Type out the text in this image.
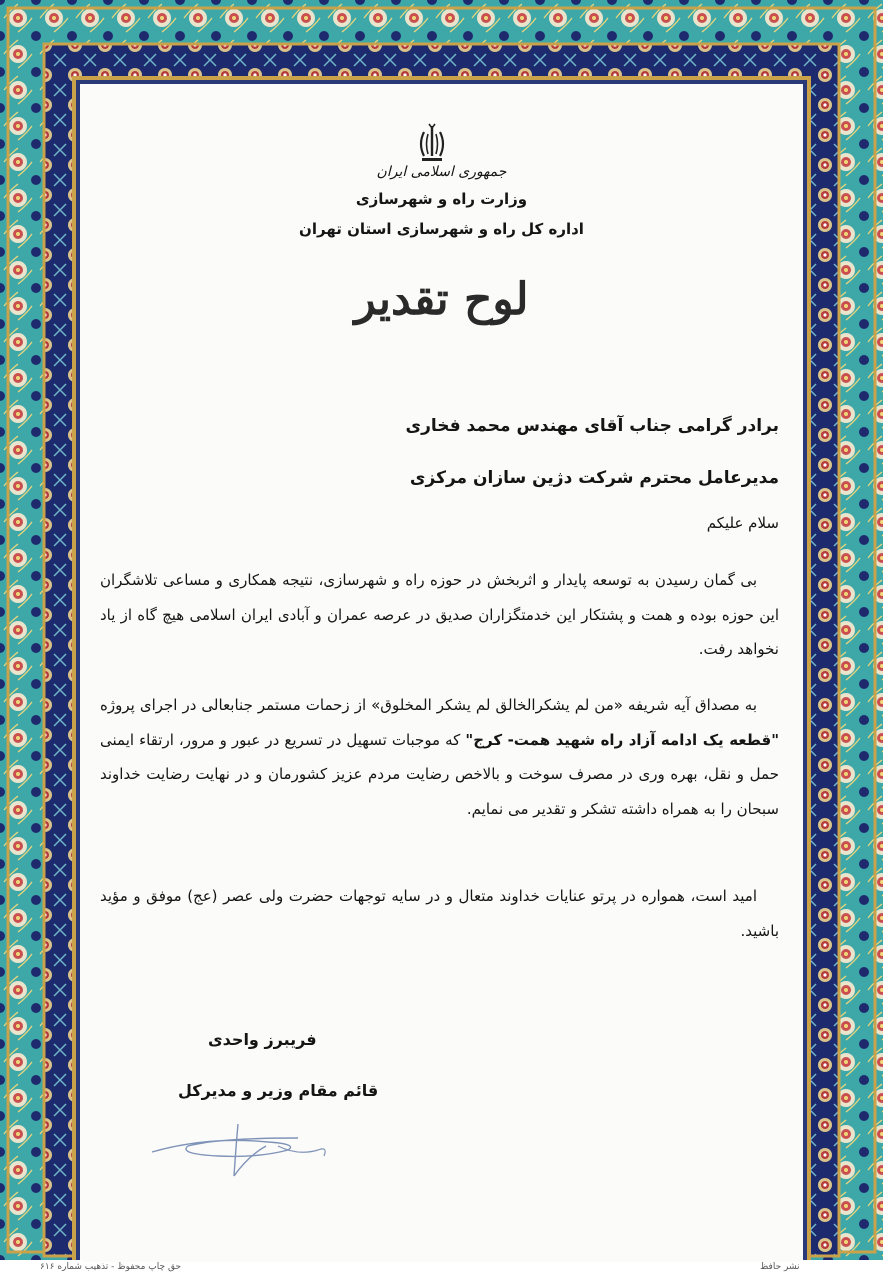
جمهوری اسلامی ایران
وزارت راه و شهرسازی
اداره کل راه و شهرسازی استان تهران
لوح تقدیر
برادر گرامی جناب آقای مهندس محمد فخاری
مدیرعامل محترم شرکت دژین سازان مرکزی
سلام علیکم
بی گمان رسیدن به توسعه پایدار و اثربخش در حوزه راه و شهرسازی، نتیجه همکاری و مساعی تلاشگران این حوزه بوده و همت و پشتکار این خدمتگزاران صدیق در عرصه عمران و آبادی ایران اسلامی هیچ گاه از یاد نخواهد رفت.
به مصداق آیه شریفه «من لم یشکرالخالق لم یشکر المخلوق» از زحمات مستمر جنابعالی در اجرای پروژه "قطعه یک ادامه آزاد راه شهید همت- کرج" که موجبات تسهیل در تسریع در عبور و مرور، ارتقاء ایمنی حمل و نقل، بهره وری در مصرف سوخت و بالاخص رضایت مردم عزیز کشورمان و در نهایت رضایت خداوند سبحان را به همراه داشته تشکر و تقدیر می نمایم.
امید است، همواره در پرتو عنایات خداوند متعال و در سایه توجهات حضرت ولی عصر (عج) موفق و مؤید باشید.
فریبرز واحدی
قائم مقام وزیر و مدیرکل
حق چاپ محفوظ - تذهیب شماره ۶۱۶	نشر حافظ
